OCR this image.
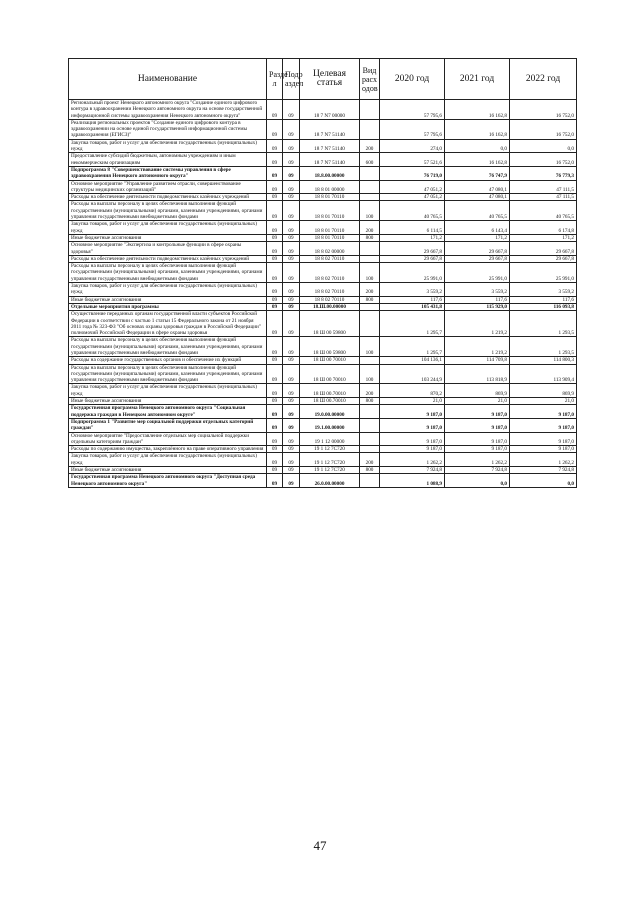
Наименование	Разде л	Подр аздел	Целевая статья	Вид расх одов	2020 год	2021 год	2022 год
Региональный проект Ненецкого автономного округа "Создание единого цифрового контура в здравоохранении Ненецкого автономного округа на основе государственной информационной системы здравоохранения Ненецкого автономного округа"	09	09	18 7 N7 00000		57 795,6	16 162,8	16 752,0
Реализация региональных проектов "Создание единого цифрового контура в здравоохранении на основе единой государственной информационной системы здравоохранения (ЕГИСЗ)"	09	09	18 7 N7 51140		57 795,6	16 162,8	16 752,0
Закупка товаров, работ и услуг для обеспечения государственных (муниципальных) нужд	09	09	18 7 N7 51140	200	274,0	0,0	0,0
Предоставление субсидий бюджетным, автономным учреждениям и иным некоммерческим организациям	09	09	18 7 N7 51140	600	57 521,6	16 162,8	16 752,0
Подпрограмма 8 "Совершенствование системы управления в сфере здравоохранения Ненецкого автономного округа"	09	09	18.8.00.00000		76 719,0	76 747,9	76 779,3
Основное мероприятие "Управление развитием отрасли, совершенствование структуры медицинских организаций"	09	09	18 8 01 00000		47 051,2	47 080,1	47 111,5
Расходы на обеспечение деятельности подведомственных казённых учреждений	09	09	18 8 01 70110		47 051,2	47 080,1	47 111,5
Расходы на выплаты персоналу в целях обеспечения выполнения функций государственными (муниципальными) органами, казенными учреждениями, органами управления государственными внебюджетными фондами	09	09	18 8 01 70110	100	40 765,5	40 765,5	40 765,5
Закупка товаров, работ и услуг для обеспечения государственных (муниципальных) нужд	09	09	18 8 01 70110	200	6 114,5	6 143,4	6 174,8
Иные бюджетные ассигнования	09	09	18 8 01 70110	800	171,2	171,2	171,2
Основное мероприятие "Экспертиза и контрольные функции в сфере охраны здоровья"	09	09	18 8 02 00000		29 667,8	29 667,8	29 667,8
Расходы на обеспечение деятельности подведомственных казённых учреждений	09	09	18 8 02 70110		29 667,8	29 667,8	29 667,8
Расходы на выплаты персоналу в целях обеспечения выполнения функций государственными (муниципальными) органами, казенными учреждениями, органами управления государственными внебюджетными фондами	09	09	18 8 02 70110	100	25 991,0	25 991,0	25 991,0
Закупка товаров, работ и услуг для обеспечения государственных (муниципальных) нужд	09	09	18 8 02 70110	200	3 559,2	3 559,2	3 559,2
Иные бюджетные ассигнования	09	09	18 8 02 70110	800	117,6	117,6	117,6
Отдельные мероприятия программы	09	09	18.Ш.00.00000		105 431,8	115 929,0	116 093,8
Осуществление переданных органам государственной власти субъектов Российской Федерации в соответствии с частью 1 статьи 15 Федерального закона от 21 ноября 2011 года № 323-ФЗ "Об основах охраны здоровья граждан в Российской Федерации" полномочий Российской Федерации в сфере охраны здоровья	09	09	18 Ш 00 59800		1 295,7	1 219,2	1 293,5
Расходы на выплаты персоналу в целях обеспечения выполнения функций государственными (муниципальными) органами, казенными учреждениями, органами управления государственными внебюджетными фондами	09	09	18 Ш 00 59800	100	1 295,7	1 219,2	1 293,5
Расходы на содержание государственных органов и обеспечение их функций	09	09	18 Ш 00 70010		104 136,1	114 709,8	114 800,3
Расходы на выплаты персоналу в целях обеспечения выполнения функций государственными (муниципальными) органами, казенными учреждениями, органами управления государственными внебюджетными фондами	09	09	18 Ш 00 70010	100	103 244,9	113 818,9	113 909,4
Закупка товаров, работ и услуг для обеспечения государственных (муниципальных) нужд	09	09	18 Ш 00.70010	200	870,2	869,9	869,9
Иные бюджетные ассигнования	09	09	18 Ш 00.70010	800	21,0	21,0	21,0
Государственная программа Ненецкого автономного округа "Социальная поддержка граждан в Ненецком автономном округе"	09	09	19.0.00.00000		9 187,0	9 187,0	9 187,0
Подпрограмма 1 "Развитие мер социальной поддержки отдельных категорий граждан"	09	09	19.1.00.00000		9 187,0	9 187,0	9 187,0
Основное мероприятие "Предоставление отдельных мер социальной поддержки отдельным категориям граждан"	09	09	19 1 12 00000		9 187,0	9 187,0	9 187,0
Расходы по содержанию имущества, закреплённого на праве оперативного управления	09	09	19 1 12 7С720		9 187,0	9 187,0	9 187,0
Закупка товаров, работ и услуг для обеспечения государственных (муниципальных) нужд	09	09	19 1 12 7С720	200	1 262,2	1 262,2	1 262,2
Иные бюджетные ассигнования	09	09	19 1 12 7С720	800	7 924,8	7 924,8	7 924,8
Государственная программа Ненецкого автономного округа "Доступная среда Ненецкого автономного округа"	09	09	26.0.00.00000		1 088,9	0,0	0,0
47
